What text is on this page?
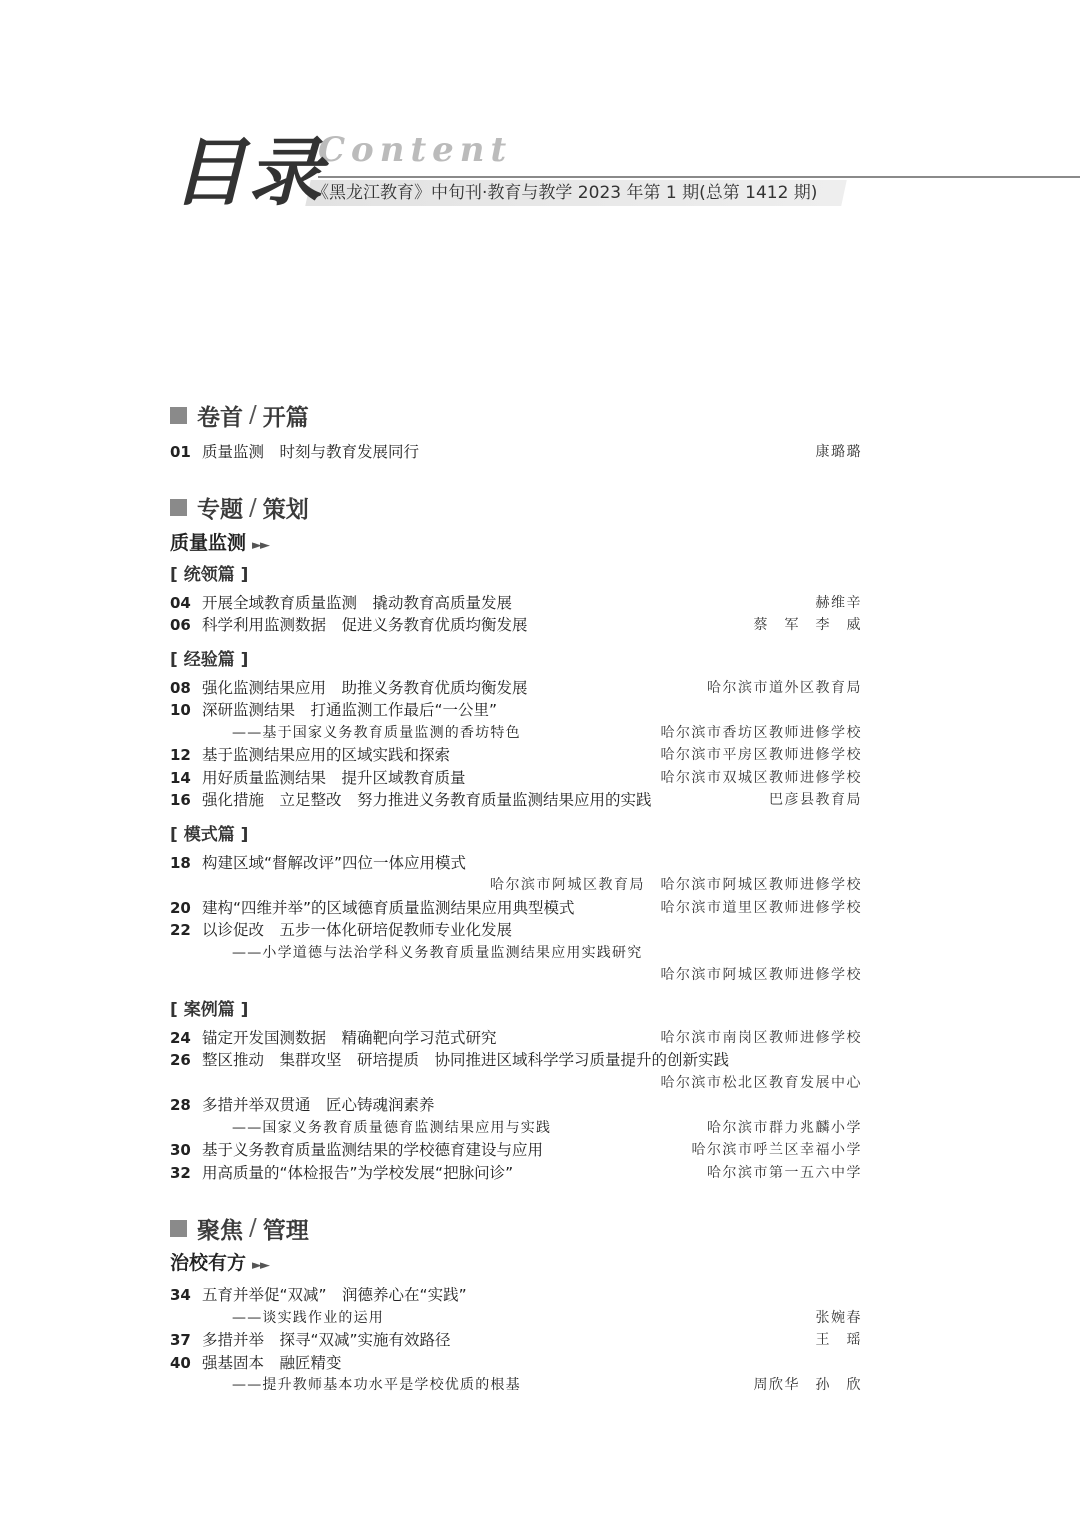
Content
《黑龙江教育》中旬刊·教育与教学 2023 年第 1 期(总第 1412 期)
目录
卷首 / 开篇
01 质量监测　时刻与教育发展同行	康璐璐
专题 / 策划
质量监测 ►►
[ 统领篇 ]
04 开展全域教育质量监测　撬动教育高质量发展	赫维辛
06 科学利用监测数据　促进义务教育优质均衡发展	蔡　军　李　威
[ 经验篇 ]
08 强化监测结果应用　助推义务教育优质均衡发展	哈尔滨市道外区教育局
10 深研监测结果　打通监测工作最后“一公里”
——基于国家义务教育质量监测的香坊特色	哈尔滨市香坊区教师进修学校
12 基于监测结果应用的区域实践和探索	哈尔滨市平房区教师进修学校
14 用好质量监测结果　提升区域教育质量	哈尔滨市双城区教师进修学校
16 强化措施　立足整改　努力推进义务教育质量监测结果应用的实践	巴彦县教育局
[ 模式篇 ]
18 构建区域“督解改评”四位一体应用模式
哈尔滨市阿城区教育局　哈尔滨市阿城区教师进修学校
20 建构“四维并举”的区域德育质量监测结果应用典型模式	哈尔滨市道里区教师进修学校
22 以诊促改　五步一体化研培促教师专业化发展
——小学道德与法治学科义务教育质量监测结果应用实践研究
哈尔滨市阿城区教师进修学校
[ 案例篇 ]
24 锚定开发国测数据　精确靶向学习范式研究	哈尔滨市南岗区教师进修学校
26 整区推动　集群攻坚　研培提质　协同推进区域科学学习质量提升的创新实践
哈尔滨市松北区教育发展中心
28 多措并举双贯通　匠心铸魂润素养
——国家义务教育质量德育监测结果应用与实践	哈尔滨市群力兆麟小学
30 基于义务教育质量监测结果的学校德育建设与应用	哈尔滨市呼兰区幸福小学
32 用高质量的“体检报告”为学校发展“把脉问诊”	哈尔滨市第一五六中学
聚焦 / 管理
治校有方 ►►
34 五育并举促“双减”　润德养心在“实践”
——谈实践作业的运用	张婉春
37 多措并举　探寻“双减”实施有效路径	王　瑶
40 强基固本　融匠精变
——提升教师基本功水平是学校优质的根基	周欣华　孙　欣
